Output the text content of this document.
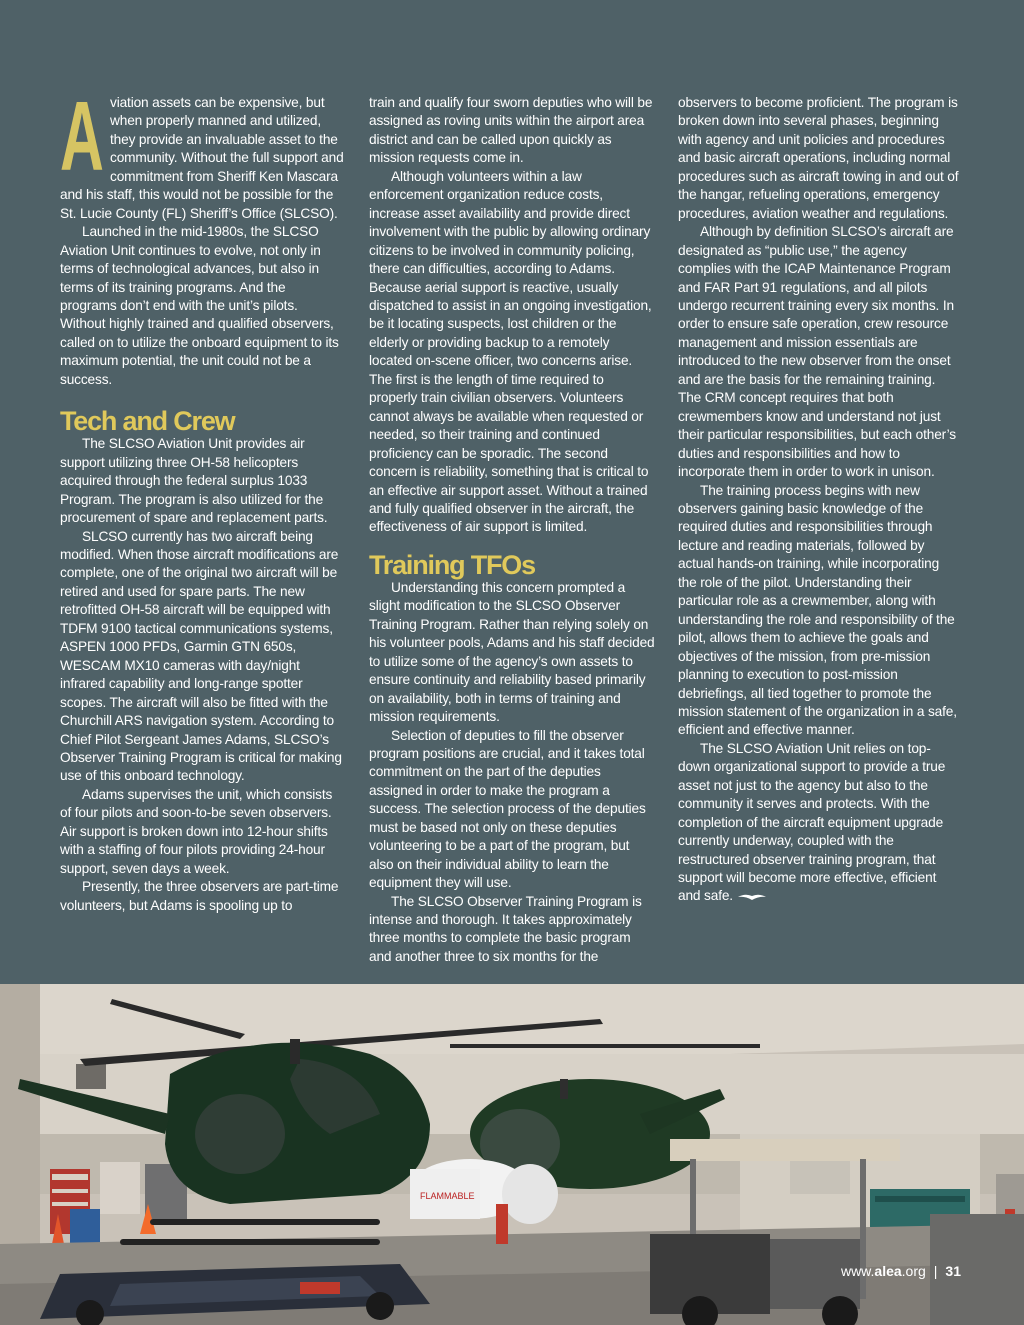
A viation assets can be expensive, but when properly manned and utilized, they provide an invaluable asset to the community. Without the full support and commitment from Sheriff Ken Mascara and his staff, this would not be possible for the St. Lucie County (FL) Sheriff’s Office (SLCSO).

Launched in the mid-1980s, the SLCSO Aviation Unit continues to evolve, not only in terms of technological advances, but also in terms of its training programs. And the programs don’t end with the unit’s pilots. Without highly trained and qualified observers, called on to utilize the onboard equipment to its maximum potential, the unit could not be a success.

Tech and Crew

The SLCSO Aviation Unit provides air support utilizing three OH-58 helicopters acquired through the federal surplus 1033 Program. The program is also utilized for the procurement of spare and replacement parts.

SLCSO currently has two aircraft being modified. When those aircraft modifications are complete, one of the original two aircraft will be retired and used for spare parts. The new retrofitted OH-58 aircraft will be equipped with TDFM 9100 tactical communications systems, ASPEN 1000 PFDs, Garmin GTN 650s, WESCAM MX10 cameras with day/night infrared capability and long-range spotter scopes. The aircraft will also be fitted with the Churchill ARS navigation system. According to Chief Pilot Sergeant James Adams, SLCSO’s Observer Training Program is critical for making use of this onboard technology.

Adams supervises the unit, which consists of four pilots and soon-to-be seven observers. Air support is broken down into 12-hour shifts with a staffing of four pilots providing 24-hour support, seven days a week.

Presently, the three observers are part-time volunteers, but Adams is spooling up to

train and qualify four sworn deputies who will be assigned as roving units within the airport area district and can be called upon quickly as mission requests come in.

Although volunteers within a law enforcement organization reduce costs, increase asset availability and provide direct involvement with the public by allowing ordinary citizens to be involved in community policing, there can difficulties, according to Adams. Because aerial support is reactive, usually dispatched to assist in an ongoing investigation, be it locating suspects, lost children or the elderly or providing backup to a remotely located on-scene officer, two concerns arise. The first is the length of time required to properly train civilian observers. Volunteers cannot always be available when requested or needed, so their training and continued proficiency can be sporadic. The second concern is reliability, something that is critical to an effective air support asset. Without a trained and fully qualified observer in the aircraft, the effectiveness of air support is limited.

Training TFOs

Understanding this concern prompted a slight modification to the SLCSO Observer Training Program. Rather than relying solely on his volunteer pools, Adams and his staff decided to utilize some of the agency’s own assets to ensure continuity and reliability based primarily on availability, both in terms of training and mission requirements.

Selection of deputies to fill the observer program positions are crucial, and it takes total commitment on the part of the deputies assigned in order to make the program a success. The selection process of the deputies must be based not only on these deputies volunteering to be a part of the program, but also on their individual ability to learn the equipment they will use.

The SLCSO Observer Training Program is intense and thorough. It takes approximately three months to complete the basic program and another three to six months for the

observers to become proficient. The program is broken down into several phases, beginning with agency and unit policies and procedures and basic aircraft operations, including normal procedures such as aircraft towing in and out of the hangar, refueling operations, emergency procedures, aviation weather and regulations.

Although by definition SLCSO’s aircraft are designated as “public use,” the agency complies with the ICAP Maintenance Program and FAR Part 91 regulations, and all pilots undergo recurrent training every six months. In order to ensure safe operation, crew resource management and mission essentials are introduced to the new observer from the onset and are the basis for the remaining training. The CRM concept requires that both crewmembers know and understand not just their particular responsibilities, but each other’s duties and responsibilities and how to incorporate them in order to work in unison.

The training process begins with new observers gaining basic knowledge of the required duties and responsibilities through lecture and reading materials, followed by actual hands-on training, while incorporating the role of the pilot. Understanding their particular role as a crewmember, along with understanding the role and responsibility of the pilot, allows them to achieve the goals and objectives of the mission, from pre-mission planning to execution to post-mission debriefings, all tied together to promote the mission statement of the organization in a safe, efficient and effective manner.

The SLCSO Aviation Unit relies on top-down organizational support to provide a true asset not just to the agency but also to the community it serves and protects. With the completion of the aircraft equipment upgrade currently underway, coupled with the restructured observer training program, that support will become more effective, efficient and safe.

FLAMMABLE
www.alea.org | 31
